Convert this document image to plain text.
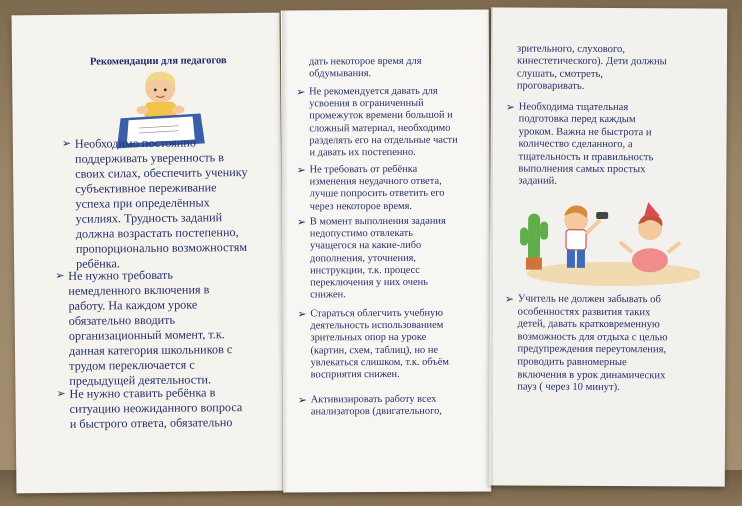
Рекомендации для педагогов
➢ Необходимо постоянно
поддерживать уверенность в
своих силах, обеспечить ученику
субъективное переживание
успеха при определённых
усилиях. Трудность заданий
должна возрастать постепенно,
пропорционально возможностям
ребёнка.
➢ Не нужно требовать
немедленного включения в
работу. На каждом уроке
обязательно вводить
организационный момент, т.к.
данная категория школьников с
трудом переключается с
предыдущей деятельности.
➢ Не нужно ставить ребёнка в
ситуацию неожиданного вопроса
и быстрого ответа, обязательно
дать некоторое время для
обдумывания.
➢ Не рекомендуется давать для
усвоения в ограниченный
промежуток времени большой и
сложный материал, необходимо
разделять его на отдельные части
и давать их постепенно.
➢ Не требовать от ребёнка
изменения неудачного ответа,
лучше попросить ответить его
через некоторое время.
➢ В момент выполнения задания
недопустимо отвлекать
учащегося на какие-либо
дополнения, уточнения,
инструкции, т.к. процесс
переключения у них очень
снижен.
➢ Стараться облегчить учебную
деятельность использованием
зрительных опор на уроке
(картин, схем, таблиц), но не
увлекаться слишком, т.к. объём
восприятия снижен.
➢ Активизировать работу всех
анализаторов (двигательного,
зрительного, слухового,
кинестетического). Дети должны
слушать, смотреть,
проговаривать.
➢ Необходима тщательная
подготовка перед каждым
уроком. Важна не быстрота и
количество сделанного, а
тщательность и правильность
выполнения самых простых
заданий.
➢ Учитель не должен забывать об
особенностях развития таких
детей, давать кратковременную
возможность для отдыха с целью
предупреждения переутомления,
проводить равномерные
включения в урок динамических
пауз ( через 10 минут).
